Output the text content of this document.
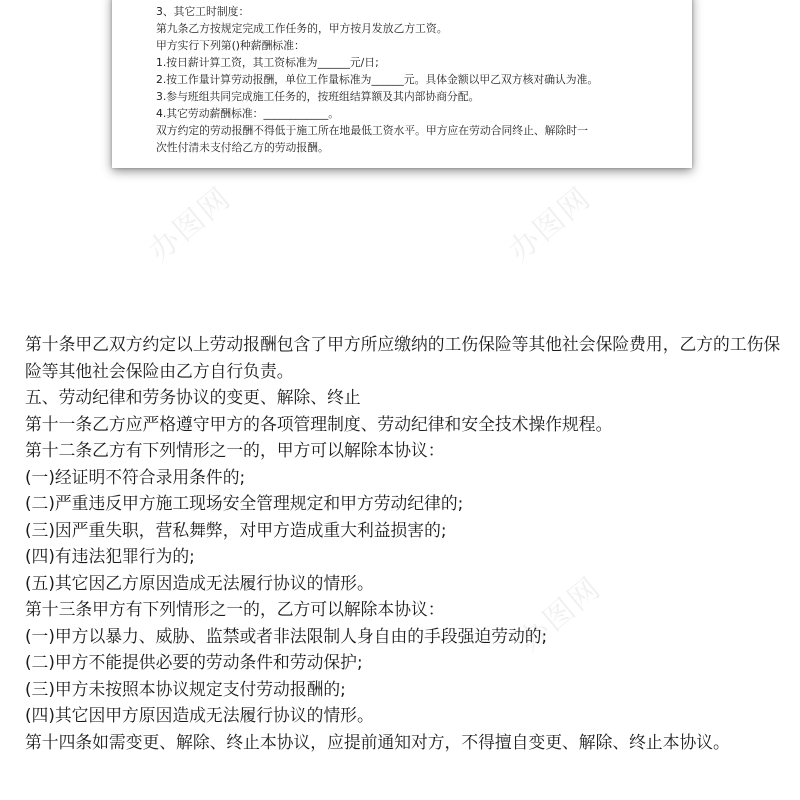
3、其它工时制度：
第九条乙方按规定完成工作任务的，甲方按月发放乙方工资。
甲方实行下列第()种薪酬标准：
1.按日薪计算工资，其工资标准为______元/日;
2.按工作量计算劳动报酬，单位工作量标准为______元。具体金额以甲乙双方核对确认为准。
3.参与班组共同完成施工任务的，按班组结算额及其内部协商分配。
4.其它劳动薪酬标准：____________。
双方约定的劳动报酬不得低于施工所在地最低工资水平。甲方应在劳动合同终止、解除时一
次性付清未支付给乙方的劳动报酬。
办图网	办图网
办图网

第十条甲乙双方约定以上劳动报酬包含了甲方所应缴纳的工伤保险等其他社会保险费用，乙方的工伤保险等其他社会保险由乙方自行负责。

五、劳动纪律和劳务协议的变更、解除、终止

第十一条乙方应严格遵守甲方的各项管理制度、劳动纪律和安全技术操作规程。

第十二条乙方有下列情形之一的，甲方可以解除本协议：

(一)经证明不符合录用条件的;

(二)严重违反甲方施工现场安全管理规定和甲方劳动纪律的;

(三)因严重失职，营私舞弊，对甲方造成重大利益损害的;

(四)有违法犯罪行为的;

(五)其它因乙方原因造成无法履行协议的情形。

第十三条甲方有下列情形之一的，乙方可以解除本协议：

(一)甲方以暴力、威胁、监禁或者非法限制人身自由的手段强迫劳动的;

(二)甲方不能提供必要的劳动条件和劳动保护;

(三)甲方未按照本协议规定支付劳动报酬的;

(四)其它因甲方原因造成无法履行协议的情形。

第十四条如需变更、解除、终止本协议，应提前通知对方，不得擅自变更、解除、终止本协议。
